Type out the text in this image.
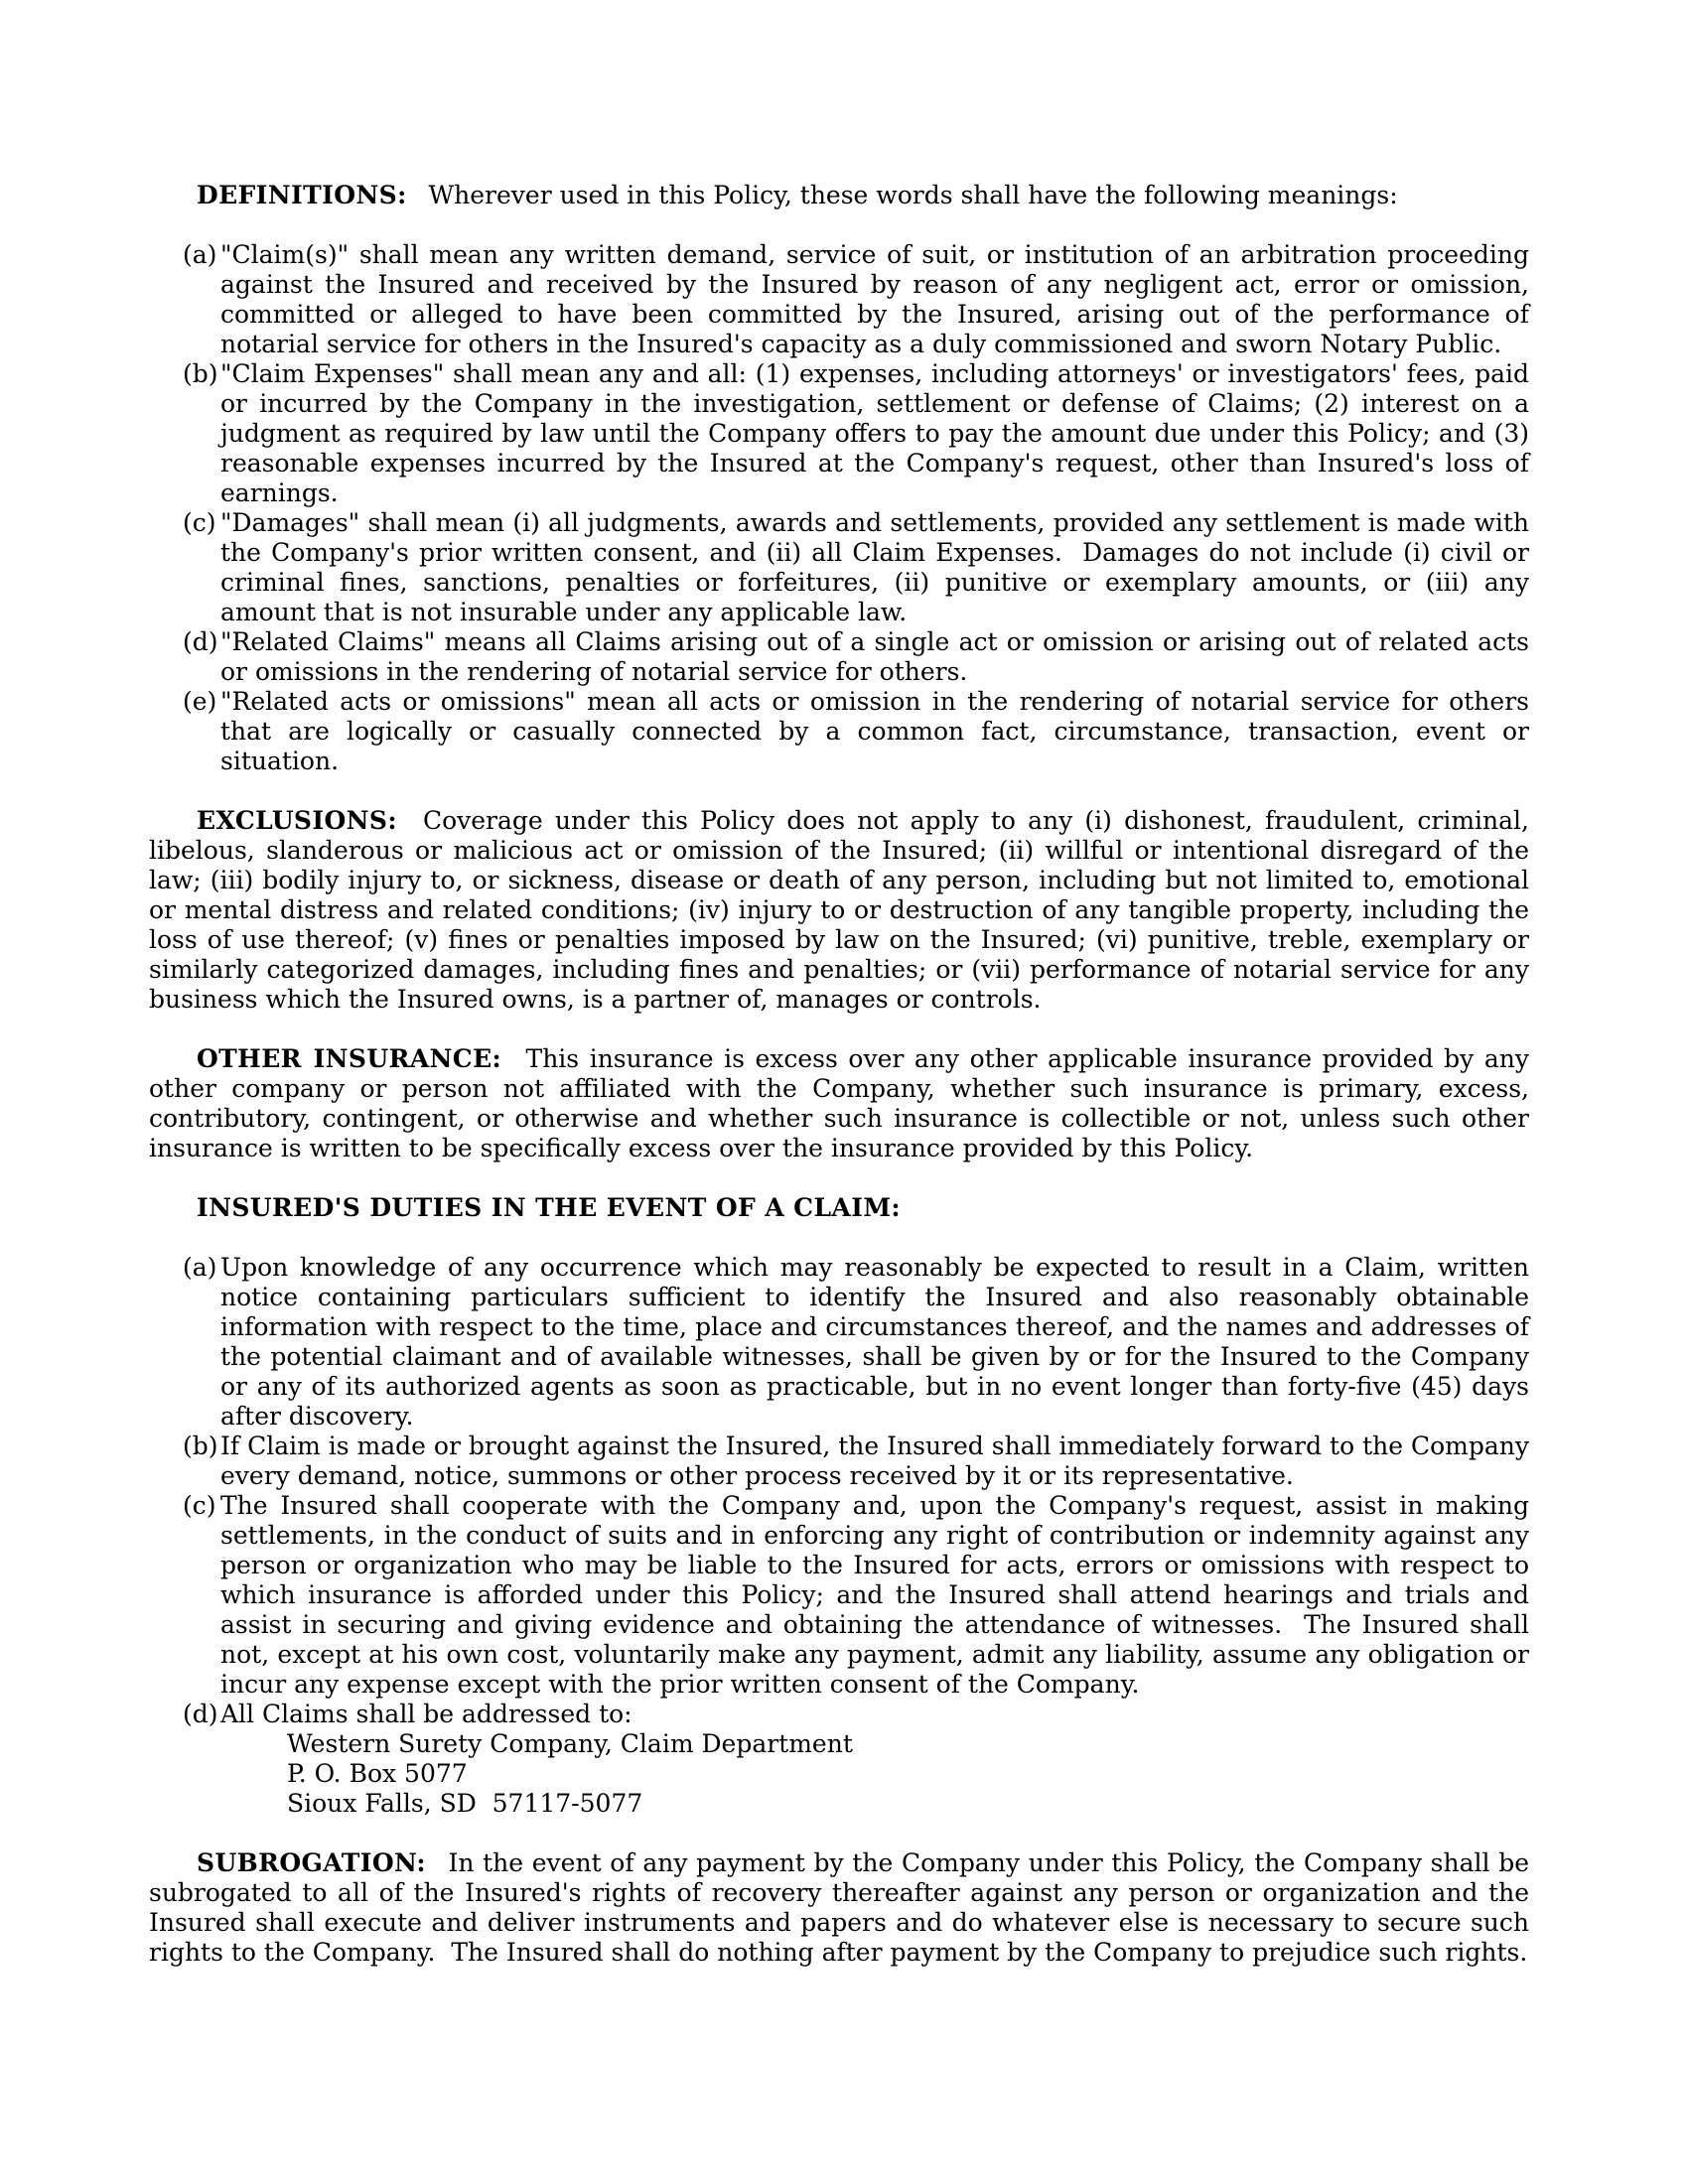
DEFINITIONS: Wherever used in this Policy, these words shall have the following meanings:

(a) "Claim(s)" shall mean any written demand, service of suit, or institution of an arbitration proceeding against the Insured and received by the Insured by reason of any negligent act, error or omission, committed or alleged to have been committed by the Insured, arising out of the performance of notarial service for others in the Insured's capacity as a duly commissioned and sworn Notary Public.
(b) "Claim Expenses" shall mean any and all: (1) expenses, including attorneys' or investigators' fees, paid or incurred by the Company in the investigation, settlement or defense of Claims; (2) interest on a judgment as required by law until the Company offers to pay the amount due under this Policy; and (3) reasonable expenses incurred by the Insured at the Company's request, other than Insured's loss of earnings.
(c) "Damages" shall mean (i) all judgments, awards and settlements, provided any settlement is made with the Company's prior written consent, and (ii) all Claim Expenses.  Damages do not include (i) civil or criminal fines, sanctions, penalties or forfeitures, (ii) punitive or exemplary amounts, or (iii) any amount that is not insurable under any applicable law.
(d) "Related Claims" means all Claims arising out of a single act or omission or arising out of related acts or omissions in the rendering of notarial service for others.
(e) "Related acts or omissions" mean all acts or omission in the rendering of notarial service for others that are logically or casually connected by a common fact, circumstance, transaction, event or situation.

EXCLUSIONS: Coverage under this Policy does not apply to any (i) dishonest, fraudulent, criminal, libelous, slanderous or malicious act or omission of the Insured; (ii) willful or intentional disregard of the law; (iii) bodily injury to, or sickness, disease or death of any person, including but not limited to, emotional or mental distress and related conditions; (iv) injury to or destruction of any tangible property, including the loss of use thereof; (v) fines or penalties imposed by law on the Insured; (vi) punitive, treble, exemplary or similarly categorized damages, including fines and penalties; or (vii) performance of notarial service for any business which the Insured owns, is a partner of, manages or controls.

OTHER INSURANCE: This insurance is excess over any other applicable insurance provided by any other company or person not affiliated with the Company, whether such insurance is primary, excess, contributory, contingent, or otherwise and whether such insurance is collectible or not, unless such other insurance is written to be specifically excess over the insurance provided by this Policy.

INSURED'S DUTIES IN THE EVENT OF A CLAIM:

(a) Upon knowledge of any occurrence which may reasonably be expected to result in a Claim, written notice containing particulars sufficient to identify the Insured and also reasonably obtainable information with respect to the time, place and circumstances thereof, and the names and addresses of the potential claimant and of available witnesses, shall be given by or for the Insured to the Company or any of its authorized agents as soon as practicable, but in no event longer than forty-five (45) days after discovery.
(b) If Claim is made or brought against the Insured, the Insured shall immediately forward to the Company every demand, notice, summons or other process received by it or its representative.
(c) The Insured shall cooperate with the Company and, upon the Company's request, assist in making settlements, in the conduct of suits and in enforcing any right of contribution or indemnity against any person or organization who may be liable to the Insured for acts, errors or omissions with respect to which insurance is afforded under this Policy; and the Insured shall attend hearings and trials and assist in securing and giving evidence and obtaining the attendance of witnesses.  The Insured shall not, except at his own cost, voluntarily make any payment, admit any liability, assume any obligation or incur any expense except with the prior written consent of the Company.
(d) All Claims shall be addressed to:
Western Surety Company, Claim Department
P. O. Box 5077
Sioux Falls, SD  57117-5077

SUBROGATION: In the event of any payment by the Company under this Policy, the Company shall be subrogated to all of the Insured's rights of recovery thereafter against any person or organization and the Insured shall execute and deliver instruments and papers and do whatever else is necessary to secure such rights to the Company.  The Insured shall do nothing after payment by the Company to prejudice such rights.
